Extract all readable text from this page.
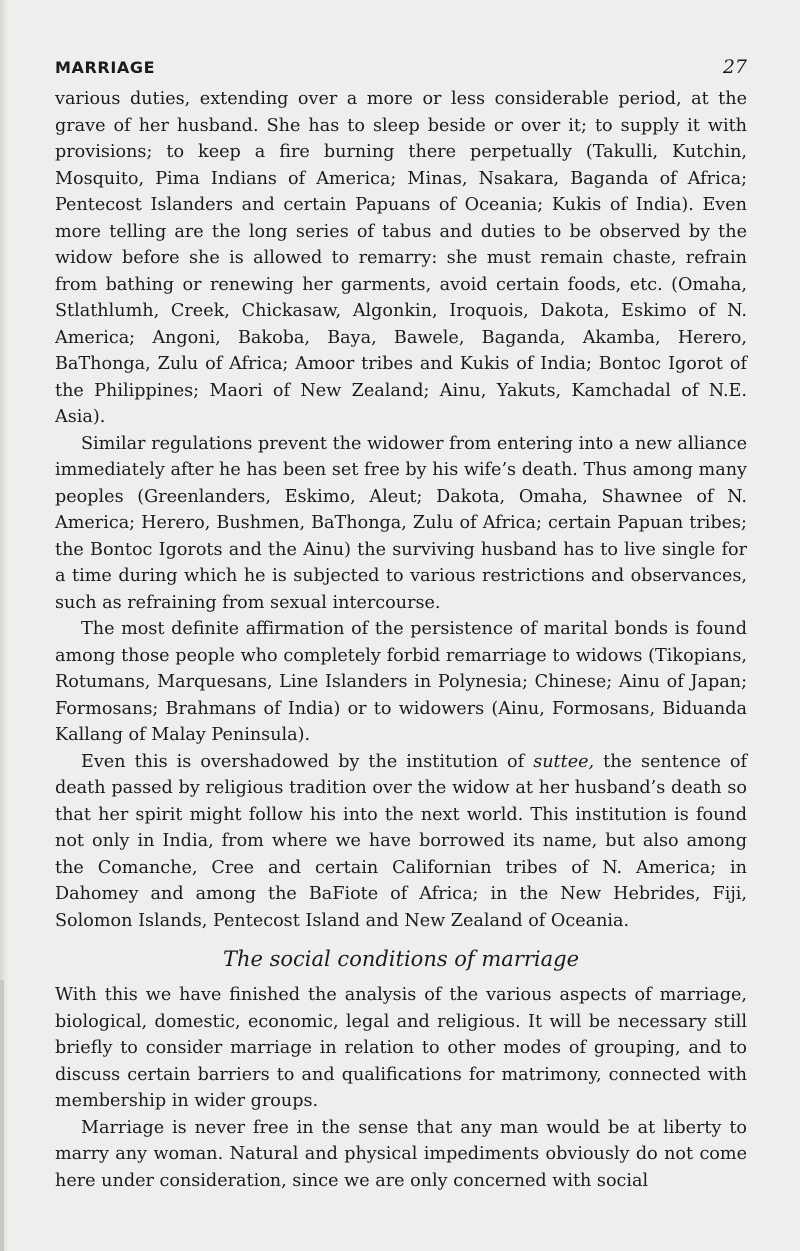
MARRIAGE	27

various duties, extending over a more or less considerable period, at the grave of her husband. She has to sleep beside or over it; to supply it with provisions; to keep a fire burning there perpetually (Takulli, Kutchin, Mosquito, Pima Indians of America; Minas, Nsakara, Baganda of Africa; Pentecost Islanders and certain Papuans of Oceania; Kukis of India). Even more telling are the long series of tabus and duties to be observed by the widow before she is allowed to remarry: she must remain chaste, refrain from bathing or renewing her garments, avoid certain foods, etc. (Omaha, Stlathlumh, Creek, Chickasaw, Algonkin, Iroquois, Dakota, Eskimo of N. America; Angoni, Bakoba, Baya, Bawele, Baganda, Akamba, Herero, BaThonga, Zulu of Africa; Amoor tribes and Kukis of India; Bontoc Igorot of the Philippines; Maori of New Zealand; Ainu, Yakuts, Kamchadal of N.E. Asia).

Similar regulations prevent the widower from entering into a new alliance immediately after he has been set free by his wife’s death. Thus among many peoples (Greenlanders, Eskimo, Aleut; Dakota, Omaha, Shawnee of N. America; Herero, Bushmen, BaThonga, Zulu of Africa; certain Papuan tribes; the Bontoc Igorots and the Ainu) the surviving husband has to live single for a time during which he is subjected to various restrictions and observances, such as refraining from sexual intercourse.

The most definite affirmation of the persistence of marital bonds is found among those people who completely forbid remarriage to widows (Tikopians, Rotumans, Marquesans, Line Islanders in Polynesia; Chinese; Ainu of Japan; Formosans; Brahmans of India) or to widowers (Ainu, Formosans, Biduanda Kallang of Malay Peninsula).

Even this is overshadowed by the institution of suttee, the sentence of death passed by religious tradition over the widow at her husband’s death so that her spirit might follow his into the next world. This institution is found not only in India, from where we have borrowed its name, but also among the Comanche, Cree and certain Californian tribes of N. America; in Dahomey and among the BaFiote of Africa; in the New Hebrides, Fiji, Solomon Islands, Pentecost Island and New Zealand of Oceania.

The social conditions of marriage

With this we have finished the analysis of the various aspects of marriage, biological, domestic, economic, legal and religious. It will be necessary still briefly to consider marriage in relation to other modes of grouping, and to discuss certain barriers to and qualifications for matrimony, connected with membership in wider groups.

Marriage is never free in the sense that any man would be at liberty to marry any woman. Natural and physical impediments obviously do not come here under consideration, since we are only concerned with social
